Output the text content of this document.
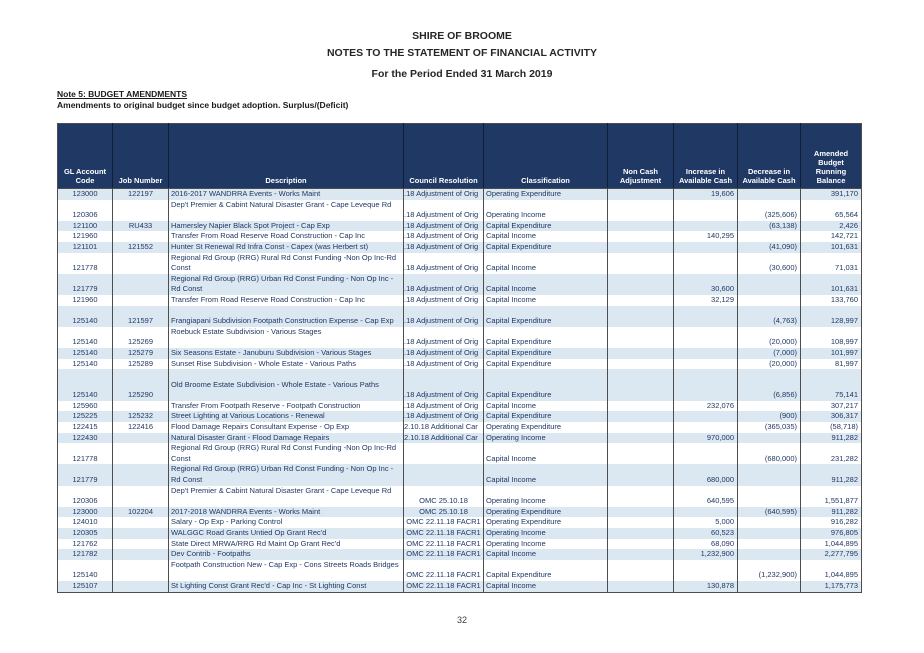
SHIRE OF BROOME
NOTES TO THE STATEMENT OF FINANCIAL ACTIVITY
For the Period Ended 31 March 2019
Note 5: BUDGET AMENDMENTS
Amendments to original budget since budget adoption. Surplus/(Deficit)
GL Account Code	Job Number	Description	Council Resolution	Classification	Non Cash Adjustment	Increase in Available Cash	Decrease in Available Cash	Amended Budget Running Balance

123000	122197	2016-2017 WANDRRA Events - Works Maint	.18 Adjustment of Orig	Operating Expenditure		19,606		391,170

120306		Dep't Premier & Cabint Natural Disaster Grant - Cape Leveque Rd	.18 Adjustment of Orig	Operating Income			(325,606)	65,564

121100	RU433	Hamersley Napier Black Spot Project - Cap Exp	.18 Adjustment of Orig	Capital Expenditure			(63,138)	2,426

121960		Transfer From Road Reserve Road Construction - Cap Inc	.18 Adjustment of Orig	Capital Income		140,295		142,721

121101	121552	Hunter St Renewal Rd Infra Const - Capex (was Herbert st)	.18 Adjustment of Orig	Capital Expenditure			(41,090)	101,631

121778		Regional Rd Group (RRG) Rural Rd Const Funding -Non Op Inc-Rd Const	.18 Adjustment of Orig	Capital Income			(30,600)	71,031

121779		Regional Rd Group (RRG) Urban Rd Const Funding - Non Op Inc - Rd Const	.18 Adjustment of Orig	Capital Income		30,600		101,631

121960		Transfer From Road Reserve Road Construction - Cap Inc	.18 Adjustment of Orig	Capital Income		32,129		133,760

125140	121597	Frangiapani Subdivision Footpath Construction Expense - Cap Exp	.18 Adjustment of Orig	Capital Expenditure			(4,763)	128,997

125140	125269	Roebuck Estate Subdivision - Various Stages	.18 Adjustment of Orig	Capital Expenditure			(20,000)	108,997

125140	125279	Six Seasons Estate - Januburu Subdivision - Various Stages	.18 Adjustment of Orig	Capital Expenditure			(7,000)	101,997

125140	125289	Sunset Rise Subdivision - Whole Estate - Various Paths	.18 Adjustment of Orig	Capital Expenditure			(20,000)	81,997

125140	125290	Old Broome Estate Subdivision - Whole Estate - Various Paths	.18 Adjustment of Orig	Capital Expenditure			(6,856)	75,141

125960		Transfer From Footpath Reserve - Footpath Construction	.18 Adjustment of Orig	Capital Income		232,076		307,217

125225	125232	Street Lighting at Various Locations - Renewal	.18 Adjustment of Orig	Capital Expenditure			(900)	306,317

122415	122416	Flood Damage Repairs Consultant Expense - Op Exp	2.10.18 Additional Car	Operating Expenditure			(365,035)	(58,718)

122430		Natural Disaster Grant - Flood Damage Repairs	2.10.18 Additional Car	Operating Income		970,000		911,282

121778		Regional Rd Group (RRG) Rural Rd Const Funding -Non Op Inc-Rd Const		Capital Income			(680,000)	231,282

121779		Regional Rd Group (RRG) Urban Rd Const Funding - Non Op Inc - Rd Const		Capital Income		680,000		911,282

120306		Dep't Premier & Cabint Natural Disaster Grant - Cape Leveque Rd	OMC 25.10.18	Operating Income		640,595		1,551,877

123000	102204	2017-2018 WANDRRA Events - Works Maint	OMC 25.10.18	Operating Expenditure			(640,595)	911,282

124010		Salary - Op Exp - Parking Control	OMC 22.11.18 FACR1	Operating Expenditure		5,000		916,282

120305		WALGGC Road Grants Untied Op Grant Rec'd	OMC 22.11.18 FACR1	Operating Income		60,523		976,805

121762		State Direct MRWA/RRG Rd Maint Op Grant Rec'd	OMC 22.11.18 FACR1	Operating Income		68,090		1,044,895

121782		Dev Contrib - Footpaths	OMC 22.11.18 FACR1	Capital Income		1,232,900		2,277,795

125140		Footpath Construction New - Cap Exp - Cons Streets Roads Bridges	OMC 22.11.18 FACR1	Capital Expenditure			(1,232,900)	1,044,895

125107		St Lighting Const Grant Rec'd - Cap Inc - St Lighting Const	OMC 22.11.18 FACR1	Capital Income		130,878		1,175,773
32
